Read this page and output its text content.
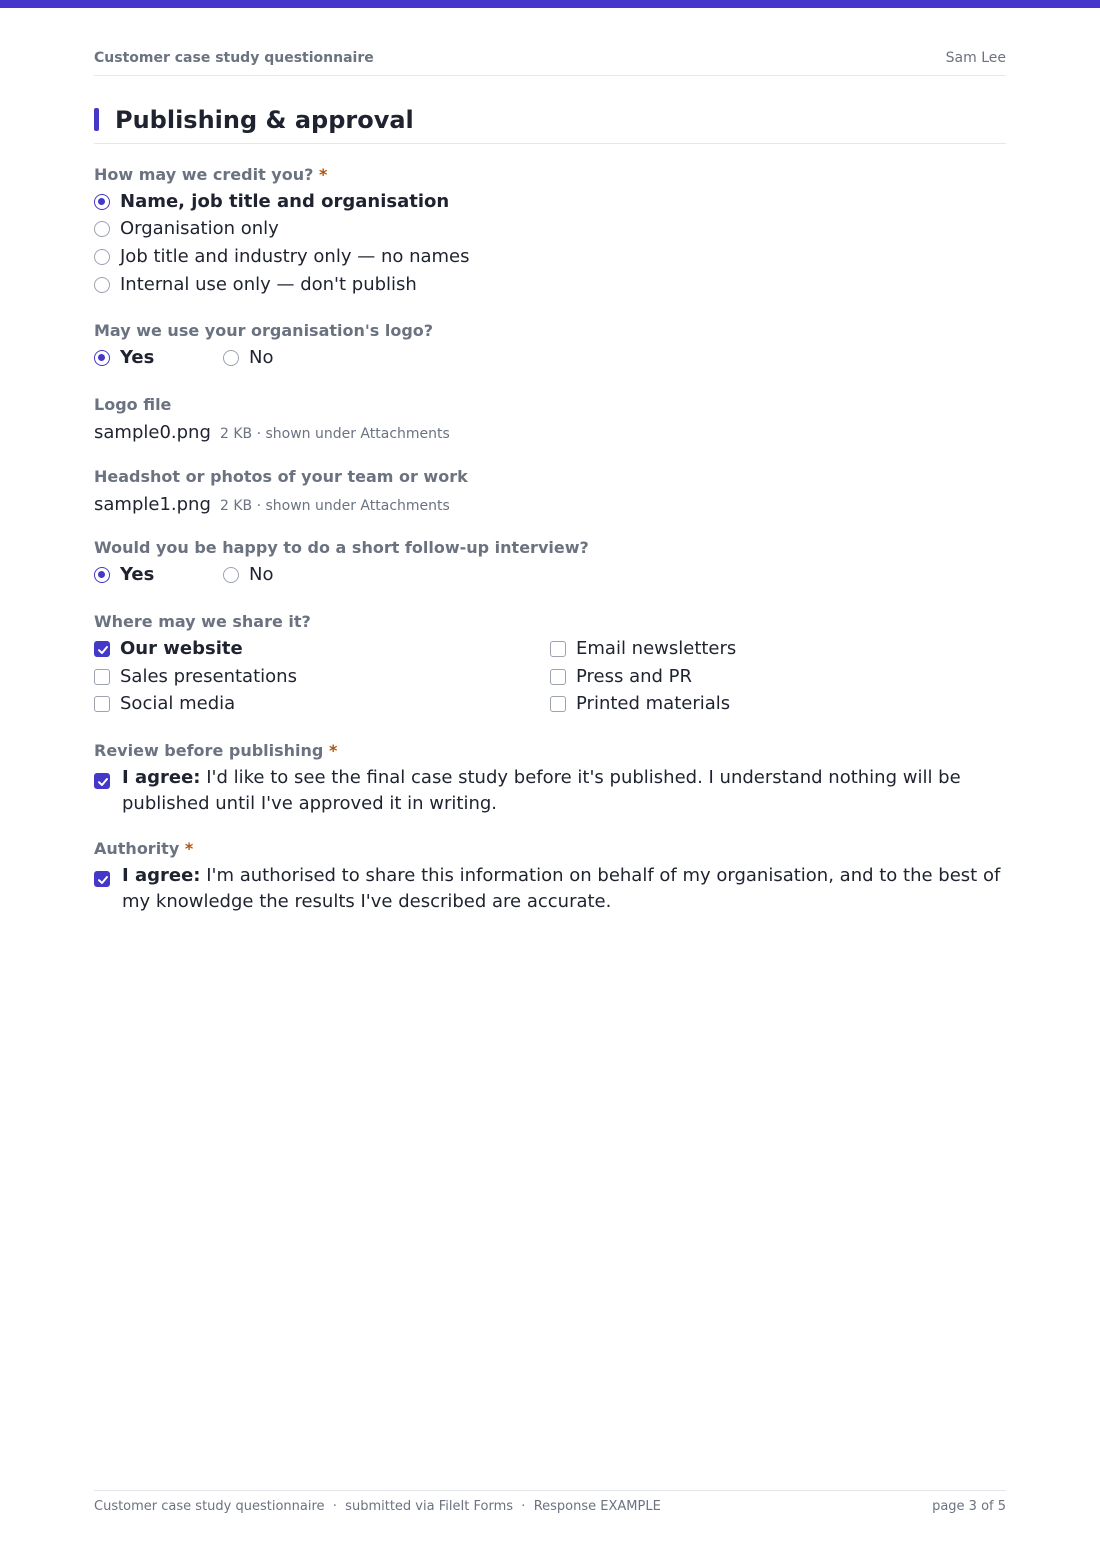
Customer case study questionnaire	Sam Lee
Publishing & approval
How may we credit you? *
Name, job title and organisation
Organisation only
Job title and industry only — no names
Internal use only — don't publish
May we use your organisation's logo?
Yes	No
Logo file
sample0.png 2 KB · shown under Attachments
Headshot or photos of your team or work
sample1.png 2 KB · shown under Attachments
Would you be happy to do a short follow-up interview?
Yes	No
Where may we share it?
Our website
Sales presentations
Social media
Email newsletters
Press and PR
Printed materials
Review before publishing *
I agree: I'd like to see the final case study before it's published. I understand nothing will be published until I've approved it in writing.
Authority *
I agree: I'm authorised to share this information on behalf of my organisation, and to the best of my knowledge the results I've described are accurate.
Customer case study questionnaire  ·  submitted via FileIt Forms  ·  Response EXAMPLE	page 3 of 5
